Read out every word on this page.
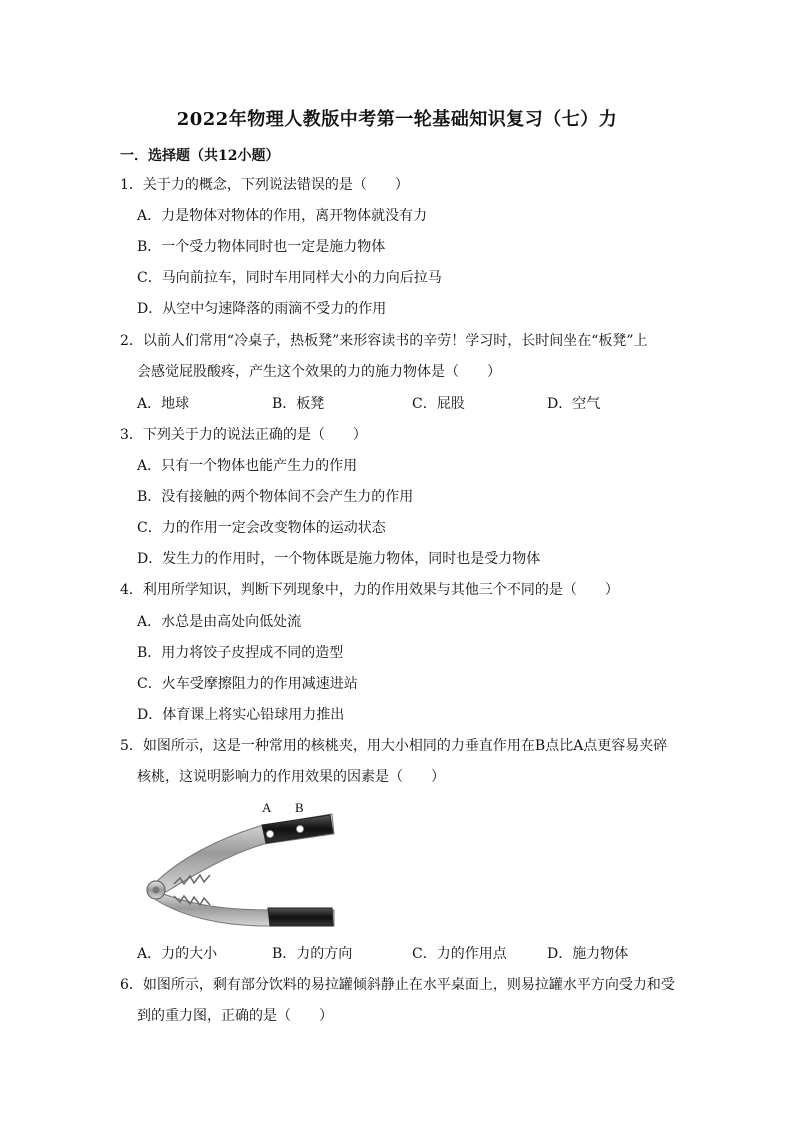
2022年物理人教版中考第一轮基础知识复习（七）力
一．选择题（共12小题）
1．关于力的概念，下列说法错误的是（　　）
A．力是物体对物体的作用，离开物体就没有力
B．一个受力物体同时也一定是施力物体
C．马向前拉车，同时车用同样大小的力向后拉马
D．从空中匀速降落的雨滴不受力的作用
2．以前人们常用“冷桌子，热板凳”来形容读书的辛劳！学习时，长时间坐在“板凳”上
会感觉屁股酸疼，产生这个效果的力的施力物体是（　　）
A．地球	B．板凳	C．屁股	D．空气
3．下列关于力的说法正确的是（　　）
A．只有一个物体也能产生力的作用
B．没有接触的两个物体间不会产生力的作用
C．力的作用一定会改变物体的运动状态
D．发生力的作用时，一个物体既是施力物体，同时也是受力物体
4．利用所学知识，判断下列现象中，力的作用效果与其他三个不同的是（　　）
A．水总是由高处向低处流
B．用力将饺子皮捏成不同的造型
C．火车受摩擦阻力的作用减速进站
D．体育课上将实心铅球用力推出
5．如图所示，这是一种常用的核桃夹，用大小相同的力垂直作用在B点比A点更容易夹碎
核桃，这说明影响力的作用效果的因素是（　　）
A B
A．力的大小	B．力的方向	C．力的作用点	D．施力物体
6．如图所示，剩有部分饮料的易拉罐倾斜静止在水平桌面上，则易拉罐水平方向受力和受
到的重力图，正确的是（　　）
